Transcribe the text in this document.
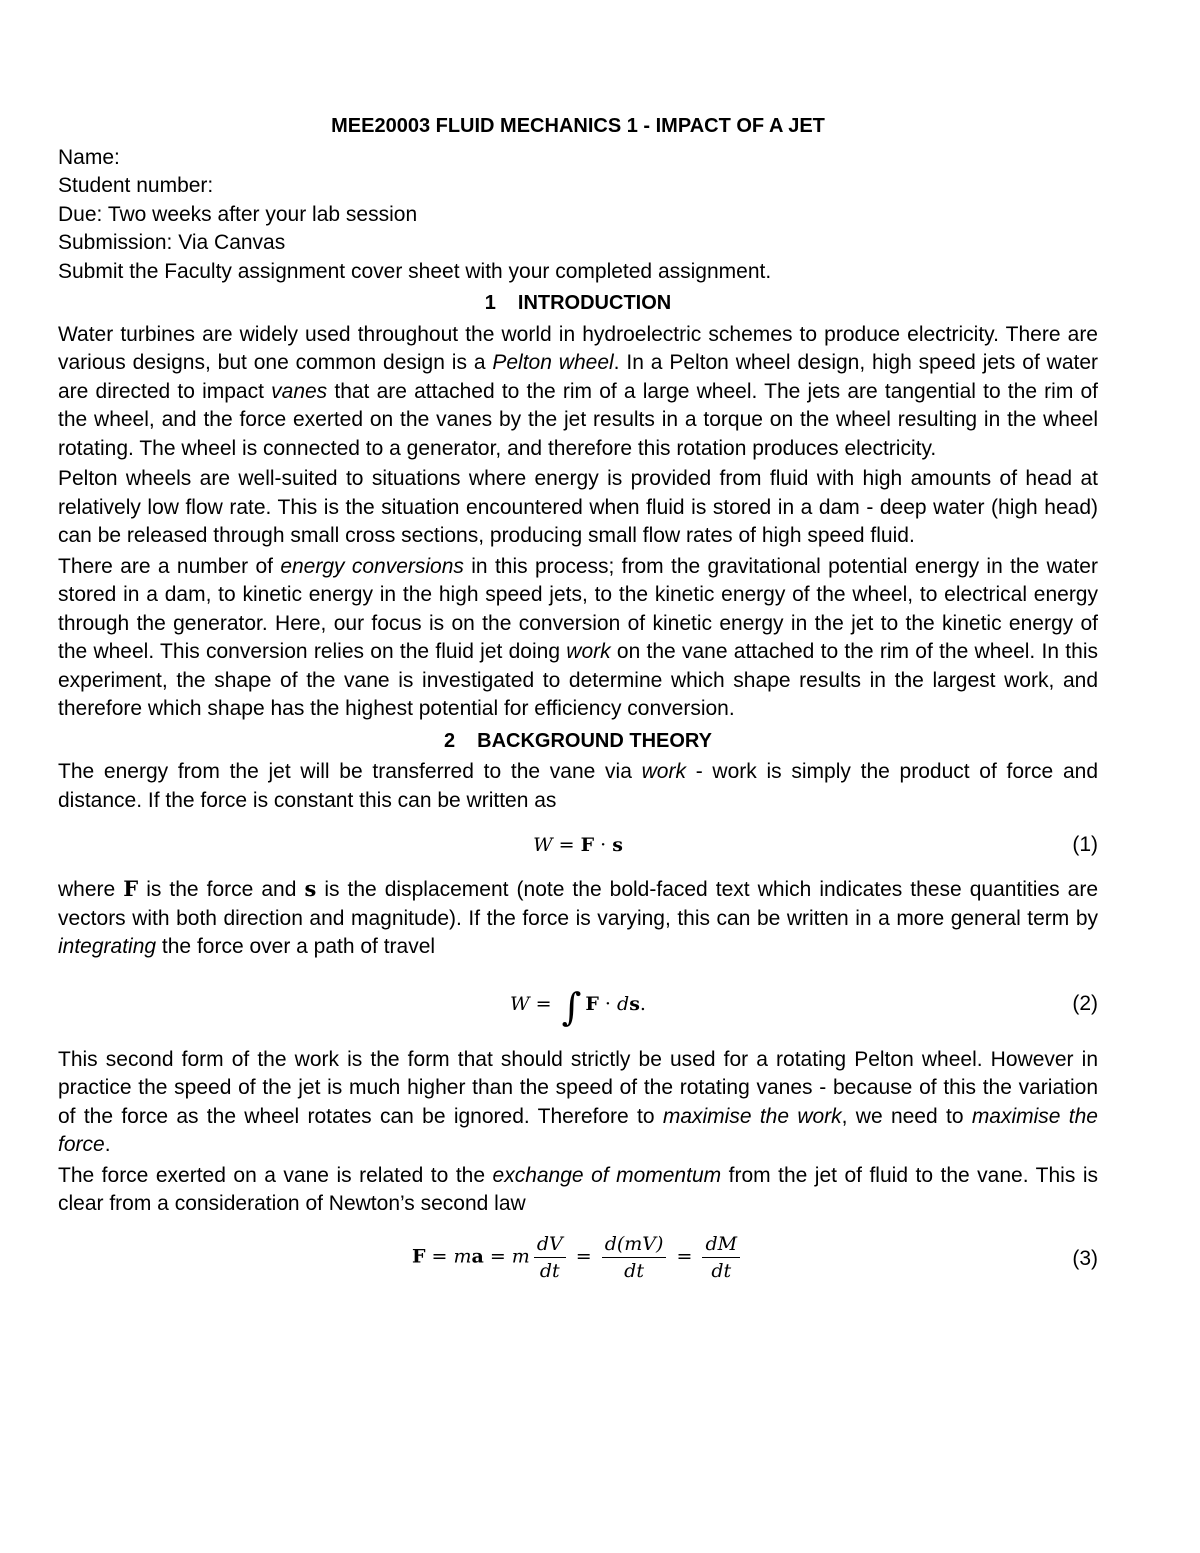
MEE20003 FLUID MECHANICS 1 - IMPACT OF A JET
Name:
Student number:
Due: Two weeks after your lab session
Submission: Via Canvas
Submit the Faculty assignment cover sheet with your completed assignment.
1 INTRODUCTION

Water turbines are widely used throughout the world in hydroelectric schemes to produce electricity. There are various designs, but one common design is a Pelton wheel. In a Pelton wheel design, high speed jets of water are directed to impact vanes that are attached to the rim of a large wheel. The jets are tangential to the rim of the wheel, and the force exerted on the vanes by the jet results in a torque on the wheel resulting in the wheel rotating. The wheel is connected to a generator, and therefore this rotation produces electricity.

Pelton wheels are well-suited to situations where energy is provided from fluid with high amounts of head at relatively low flow rate. This is the situation encountered when fluid is stored in a dam - deep water (high head) can be released through small cross sections, producing small flow rates of high speed fluid.

There are a number of energy conversions in this process; from the gravitational potential energy in the water stored in a dam, to kinetic energy in the high speed jets, to the kinetic energy of the wheel, to electrical energy through the generator. Here, our focus is on the conversion of kinetic energy in the jet to the kinetic energy of the wheel. This conversion relies on the fluid jet doing work on the vane attached to the rim of the wheel. In this experiment, the shape of the vane is investigated to determine which shape results in the largest work, and therefore which shape has the highest potential for efficiency conversion.

2 BACKGROUND THEORY

The energy from the jet will be transferred to the vane via work - work is simply the product of force and distance. If the force is constant this can be written as

W = F · s	(1)

where F is the force and s is the displacement (note the bold-faced text which indicates these quantities are vectors with both direction and magnitude). If the force is varying, this can be written in a more general term by integrating the force over a path of travel

W = ∫ F · ds.	(2)

This second form of the work is the form that should strictly be used for a rotating Pelton wheel. However in practice the speed of the jet is much higher than the speed of the rotating vanes - because of this the variation of the force as the wheel rotates can be ignored. Therefore to maximise the work, we need to maximise the force.

The force exerted on a vane is related to the exchange of momentum from the jet of fluid to the vane. This is clear from a consideration of Newton’s second law

F = ma = m $\frac{dV}{dt} = \frac{d(mV)}{dt} = \frac{dM}{dt}$	(3)
